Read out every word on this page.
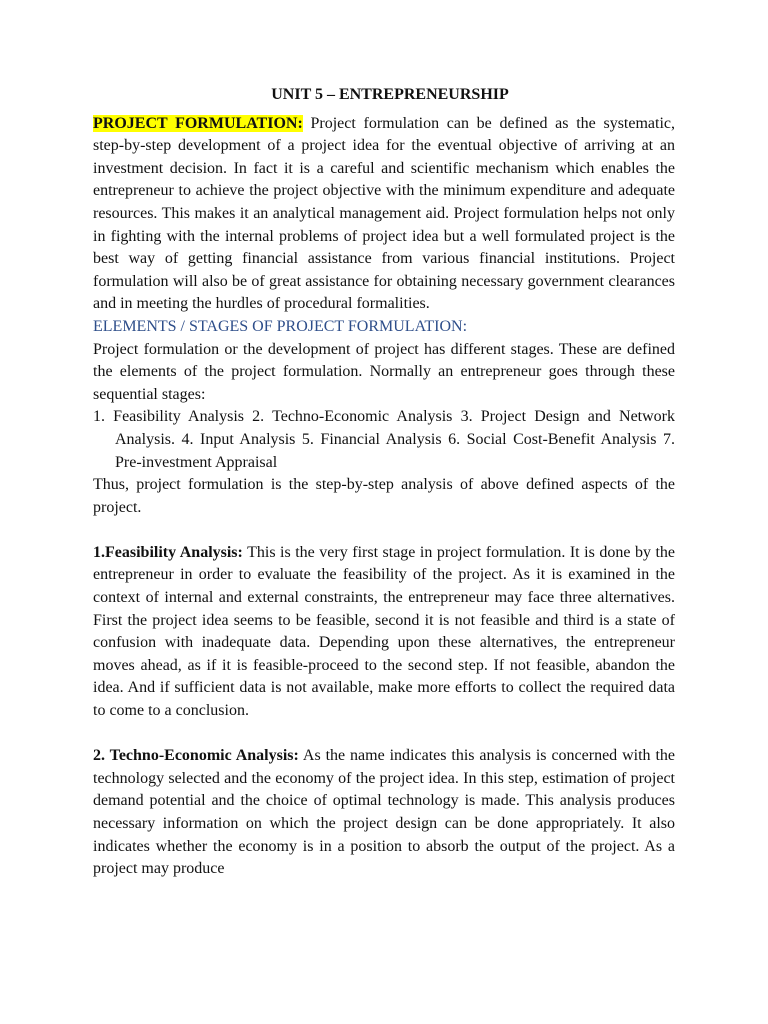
UNIT 5 – ENTREPRENEURSHIP

PROJECT FORMULATION: Project formulation can be defined as the systematic, step-by-step development of a project idea for the eventual objective of arriving at an investment decision. In fact it is a careful and scientific mechanism which enables the entrepreneur to achieve the project objective with the minimum expenditure and adequate resources. This makes it an analytical management aid. Project formulation helps not only in fighting with the internal problems of project idea but a well formulated project is the best way of getting financial assistance from various financial institutions. Project formulation will also be of great assistance for obtaining necessary government clearances and in meeting the hurdles of procedural formalities.

ELEMENTS / STAGES OF PROJECT FORMULATION:

Project formulation or the development of project has different stages. These are defined the elements of the project formulation. Normally an entrepreneur goes through these sequential stages:

1. Feasibility Analysis 2. Techno-Economic Analysis 3. Project Design and Network Analysis. 4. Input Analysis 5. Financial Analysis 6. Social Cost-Benefit Analysis 7. Pre-investment Appraisal

Thus, project formulation is the step-by-step analysis of above defined aspects of the project.

1.Feasibility Analysis: This is the very first stage in project formulation. It is done by the entrepreneur in order to evaluate the feasibility of the project. As it is examined in the context of internal and external constraints, the entrepreneur may face three alternatives. First the project idea seems to be feasible, second it is not feasible and third is a state of confusion with inadequate data. Depending upon these alternatives, the entrepreneur moves ahead, as if it is feasible-proceed to the second step. If not feasible, abandon the idea. And if sufficient data is not available, make more efforts to collect the required data to come to a conclusion.

2. Techno-Economic Analysis: As the name indicates this analysis is concerned with the technology selected and the economy of the project idea. In this step, estimation of project demand potential and the choice of optimal technology is made. This analysis produces necessary information on which the project design can be done appropriately. It also indicates whether the economy is in a position to absorb the output of the project. As a project may produce
